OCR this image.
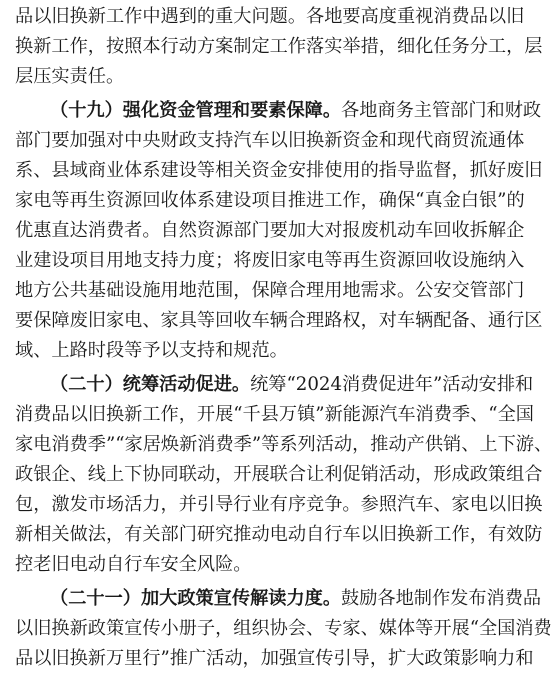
品以旧换新工作中遇到的重大问题。各地要高度重视消费品以旧
换新工作，按照本行动方案制定工作落实举措，细化任务分工，层
层压实责任。
（十九）强化资金管理和要素保障。各地商务主管部门和财政
部门要加强对中央财政支持汽车以旧换新资金和现代商贸流通体
系、县域商业体系建设等相关资金安排使用的指导监督，抓好废旧
家电等再生资源回收体系建设项目推进工作，确保“真金白银”的
优惠直达消费者。自然资源部门要加大对报废机动车回收拆解企
业建设项目用地支持力度；将废旧家电等再生资源回收设施纳入
地方公共基础设施用地范围，保障合理用地需求。公安交管部门
要保障废旧家电、家具等回收车辆合理路权，对车辆配备、通行区
域、上路时段等予以支持和规范。
（二十）统筹活动促进。统筹“2024消费促进年”活动安排和
消费品以旧换新工作，开展“千县万镇”新能源汽车消费季、“全国
家电消费季”“家居焕新消费季”等系列活动，推动产供销、上下游、
政银企、线上下协同联动，开展联合让利促销活动，形成政策组合
包，激发市场活力，并引导行业有序竞争。参照汽车、家电以旧换
新相关做法，有关部门研究推动电动自行车以旧换新工作，有效防
控老旧电动自行车安全风险。
（二十一）加大政策宣传解读力度。鼓励各地制作发布消费品
以旧换新政策宣传小册子，组织协会、专家、媒体等开展“全国消费
品以旧换新万里行”推广活动，加强宣传引导，扩大政策影响力和
